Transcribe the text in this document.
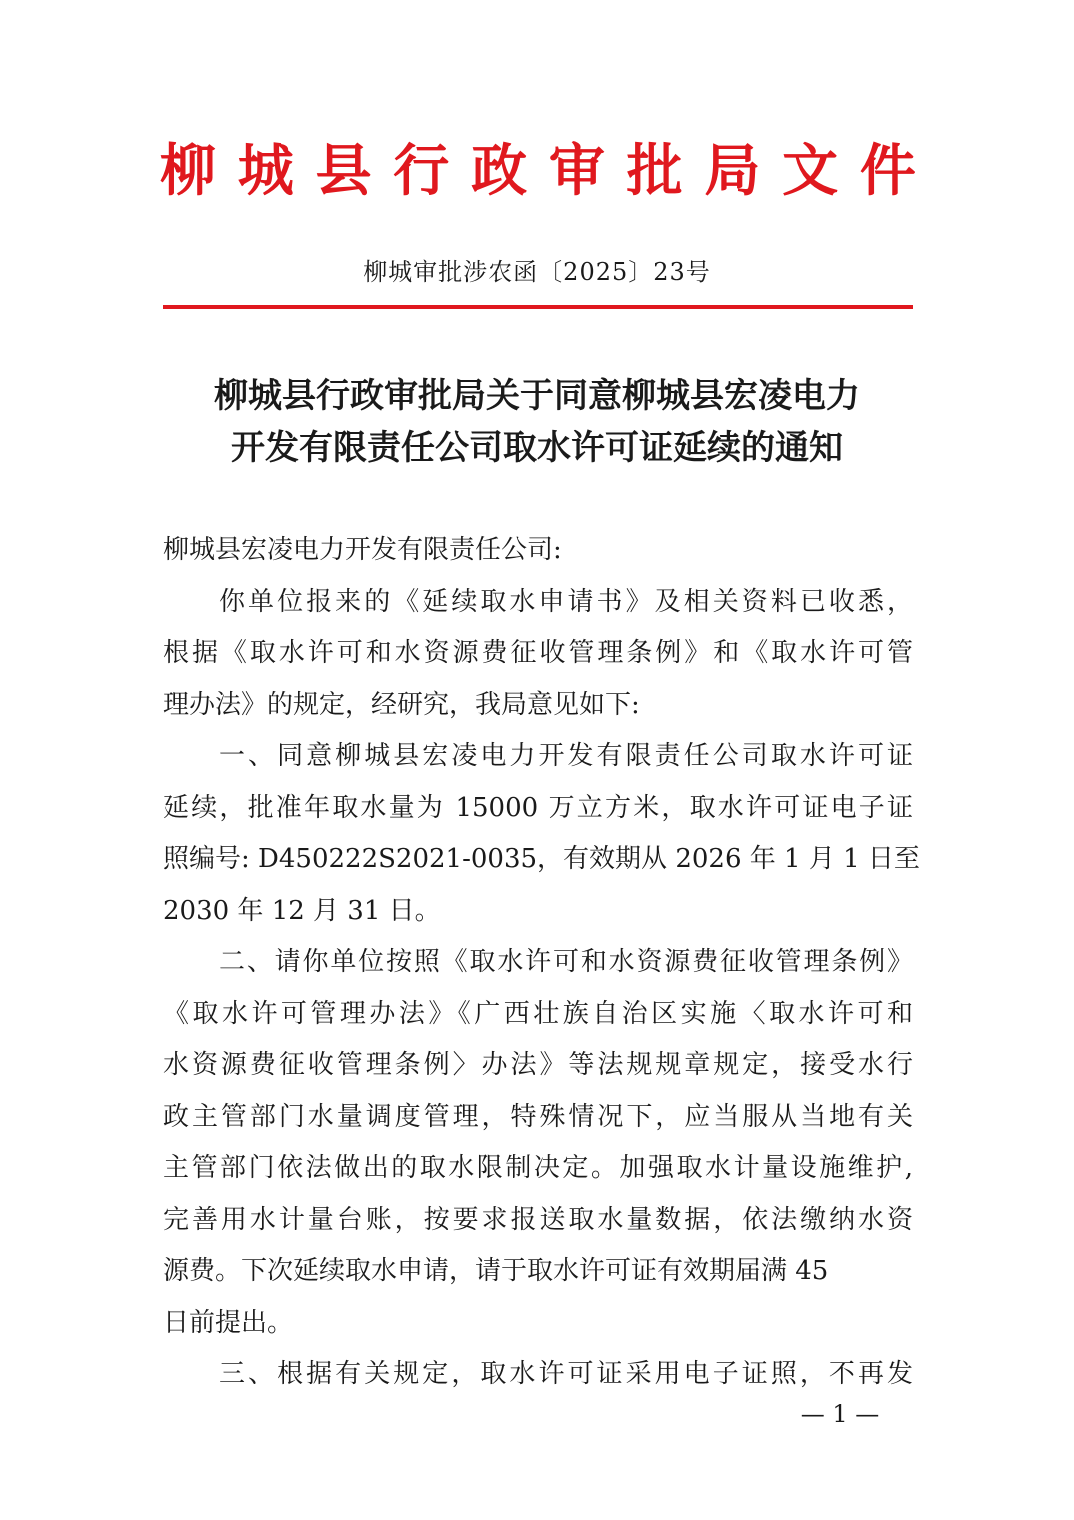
柳 城 县 行 政 审 批 局 文 件
柳城审批涉农函〔2025〕23号
柳城县行政审批局关于同意柳城县宏凌电力
开发有限责任公司取水许可证延续的通知
柳城县宏凌电力开发有限责任公司:
你单位报来的《延续取水申请书》及相关资料已收悉，
根据《取水许可和水资源费征收管理条例》和《取水许可管
理办法》的规定，经研究，我局意见如下:
一、同意柳城县宏凌电力开发有限责任公司取水许可证
延续，批准年取水量为 15000 万立方米，取水许可证电子证
照编号: D450222S2021-0035，有效期从 2026 年 1 月 1 日至
2030 年 12 月 31 日。
二、请你单位按照《取水许可和水资源费征收管理条例》
《取水许可管理办法》《广西壮族自治区实施〈取水许可和
水资源费征收管理条例〉办法》等法规规章规定，接受水行
政主管部门水量调度管理，特殊情况下，应当服从当地有关
主管部门依法做出的取水限制决定。加强取水计量设施维护,
完善用水计量台账，按要求报送取水量数据，依法缴纳水资
源费。下次延续取水申请，请于取水许可证有效期届满 45
日前提出。
三、根据有关规定，取水许可证采用电子证照，不再发
— 1 —
